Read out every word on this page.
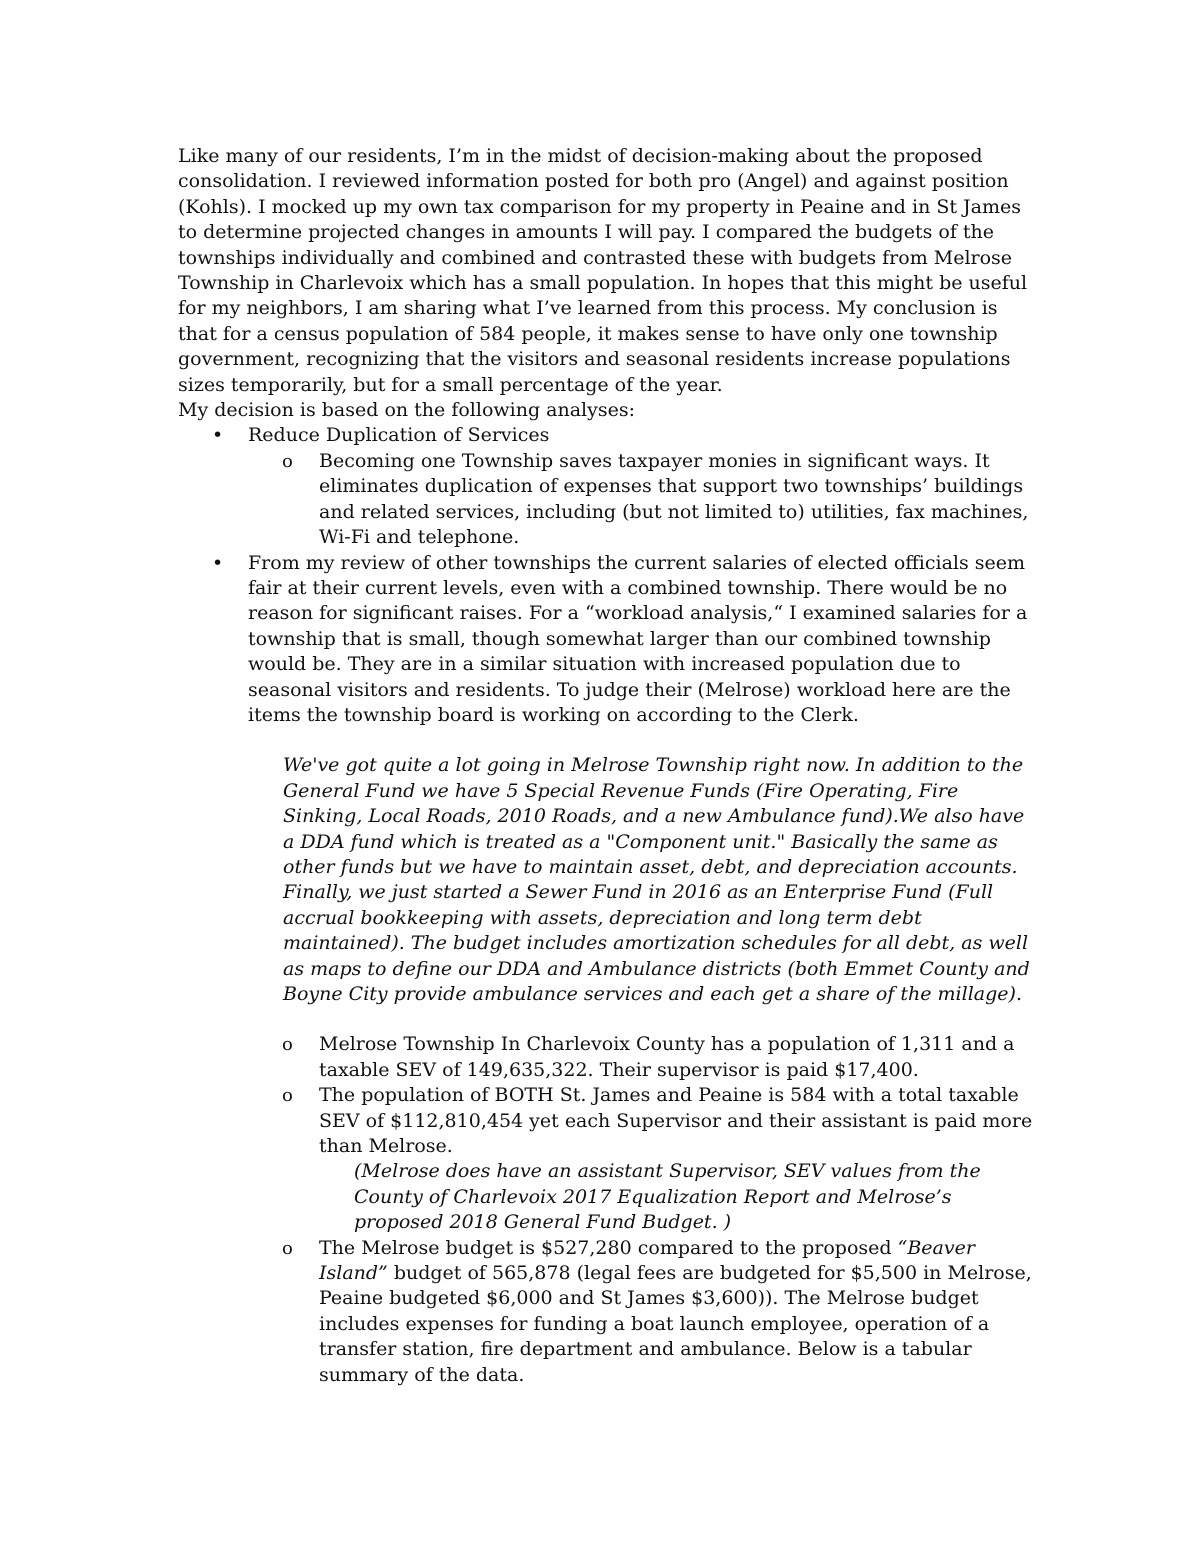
Like many of our residents, I’m in the midst of decision-making about the proposed consolidation. I reviewed information posted for both pro (Angel) and against position (Kohls). I mocked up my own tax comparison for my property in Peaine and in St James to determine projected changes in amounts I will pay. I compared the budgets of the townships individually and combined and contrasted these with budgets from Melrose Township in Charlevoix which has a small population. In hopes that this might be useful for my neighbors, I am sharing what I’ve learned from this process. My conclusion is that for a census population of 584 people, it makes sense to have only one township government, recognizing that the visitors and seasonal residents increase populations sizes temporarily, but for a small percentage of the year.

My decision is based on the following analyses:

• Reduce Duplication of Services

o Becoming one Township saves taxpayer monies in significant ways. It eliminates duplication of expenses that support two townships’ buildings and related services, including (but not limited to) utilities, fax machines, Wi-Fi and telephone.

• From my review of other townships the current salaries of elected officials seem fair at their current levels, even with a combined township. There would be no reason for significant raises. For a “workload analysis,“ I examined salaries for a township that is small, though somewhat larger than our combined township would be. They are in a similar situation with increased population due to seasonal visitors and residents. To judge their (Melrose) workload here are the items the township board is working on according to the Clerk.

We've got quite a lot going in Melrose Township right now. In addition to the General Fund we have 5 Special Revenue Funds (Fire Operating, Fire Sinking, Local Roads, 2010 Roads, and a new Ambulance fund).We also have a DDA fund which is treated as a "Component unit." Basically the same as other funds but we have to maintain asset, debt, and depreciation accounts. Finally, we just started a Sewer Fund in 2016 as an Enterprise Fund (Full accrual bookkeeping with assets, depreciation and long term debt maintained). The budget includes amortization schedules for all debt, as well as maps to define our DDA and Ambulance districts (both Emmet County and Boyne City provide ambulance services and each get a share of the millage).

o Melrose Township In Charlevoix County has a population of 1,311 and a taxable SEV of 149,635,322. Their supervisor is paid $17,400.

o The population of BOTH St. James and Peaine is 584 with a total taxable SEV of $112,810,454 yet each Supervisor and their assistant is paid more than Melrose.

(Melrose does have an assistant Supervisor, SEV values from the County of Charlevoix 2017 Equalization Report and Melrose’s proposed 2018 General Fund Budget. )

o The Melrose budget is $527,280 compared to the proposed “Beaver Island” budget of 565,878 (legal fees are budgeted for $5,500 in Melrose, Peaine budgeted $6,000 and St James $3,600)). The Melrose budget includes expenses for funding a boat launch employee, operation of a transfer station, fire department and ambulance. Below is a tabular summary of the data.
